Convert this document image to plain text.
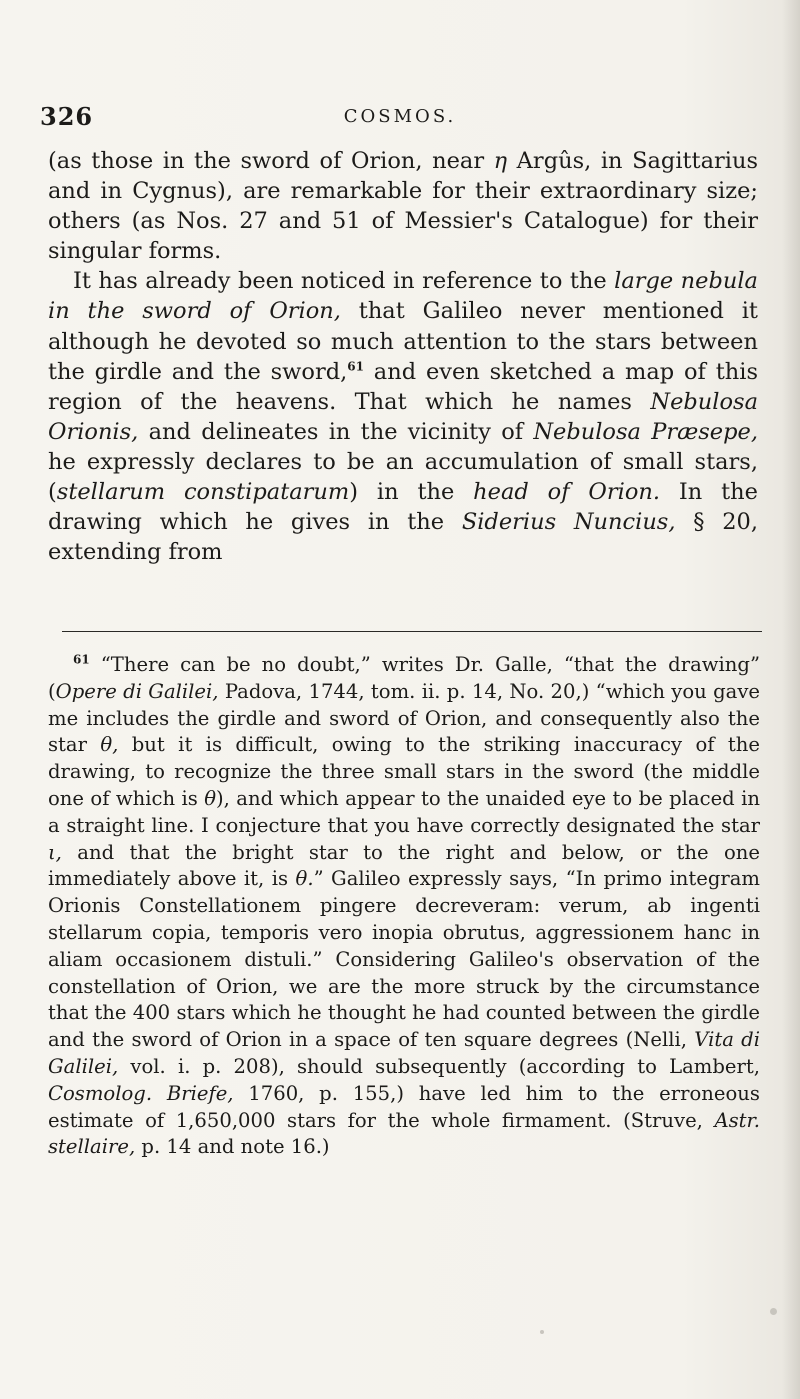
326	COSMOS.

(as those in the sword of Orion, near η Argûs, in Sagittarius and in Cygnus), are remarkable for their extraordinary size; others (as Nos. 27 and 51 of Messier's Catalogue) for their singular forms.

It has already been noticed in reference to the large nebula in the sword of Orion, that Galileo never mentioned it although he devoted so much attention to the stars between the girdle and the sword,$^{61}$ and even sketched a map of this region of the heavens. That which he names Nebulosa Orionis, and delineates in the vicinity of Nebulosa Præsepe, he expressly declares to be an accumulation of small stars, (stellarum constipatarum) in the head of Orion. In the drawing which he gives in the Siderius Nuncius, § 20, extending from

$^{61}$ “There can be no doubt,” writes Dr. Galle, “that the drawing” (Opere di Galilei, Padova, 1744, tom. ii. p. 14, No. 20,) “which you gave me includes the girdle and sword of Orion, and consequently also the star θ, but it is difficult, owing to the striking inaccuracy of the drawing, to recognize the three small stars in the sword (the middle one of which is θ), and which appear to the unaided eye to be placed in a straight line. I conjecture that you have correctly designated the star ι, and that the bright star to the right and below, or the one immediately above it, is θ.” Galileo expressly says, “In primo integram Orionis Constellationem pingere decreveram: verum, ab ingenti stellarum copia, temporis vero inopia obrutus, aggressionem hanc in aliam occasionem distuli.” Considering Galileo's observation of the constellation of Orion, we are the more struck by the circumstance that the 400 stars which he thought he had counted between the girdle and the sword of Orion in a space of ten square degrees (Nelli, Vita di Galilei, vol. i. p. 208), should subsequently (according to Lambert, Cosmolog. Briefe, 1760, p. 155,) have led him to the erroneous estimate of 1,650,000 stars for the whole firmament. (Struve, Astr. stellaire, p. 14 and note 16.)
